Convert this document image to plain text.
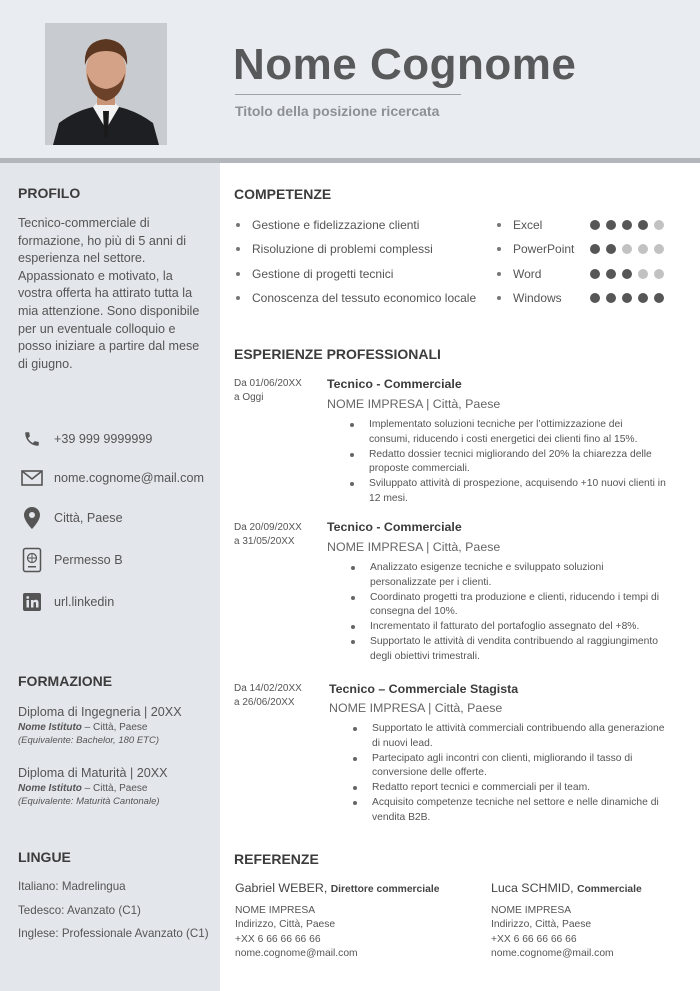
Nome Cognome
Titolo della posizione ricercata
PROFILO
Tecnico-commerciale di formazione, ho più di 5 anni di esperienza nel settore. Appassionato e motivato, la vostra offerta ha attirato tutta la mia attenzione. Sono disponibile per un eventuale colloquio e posso iniziare a partire dal mese di giugno.
+39 999 9999999
nome.cognome@mail.com
Città, Paese
Permesso B
url.linkedin
FORMAZIONE
Diploma di Ingegneria | 20XX
Nome Istituto – Città, Paese
(Equivalente: Bachelor, 180 ETC)
Diploma di Maturità | 20XX
Nome Istituto – Città, Paese
(Equivalente: Maturità Cantonale)
LINGUE
Italiano: Madrelingua
Tedesco: Avanzato (C1)
Inglese: Professionale Avanzato (C1)
COMPETENZE
Gestione e fidelizzazione clienti
Risoluzione di problemi complessi
Gestione di progetti tecnici
Conoscenza del tessuto economico locale
Excel
PowerPoint
Word
Windows
ESPERIENZE PROFESSIONALI
Da 01/06/20XX
a Oggi
Tecnico - Commerciale
NOME IMPRESA | Città, Paese
Implementato soluzioni tecniche per l’ottimizzazione dei consumi, riducendo i costi energetici dei clienti fino al 15%.
Redatto dossier tecnici migliorando del 20% la chiarezza delle proposte commerciali.
Sviluppato attività di prospezione, acquisendo +10 nuovi clienti in 12 mesi.
Da 20/09/20XX
a 31/05/20XX
Tecnico - Commerciale
NOME IMPRESA | Città, Paese
Analizzato esigenze tecniche e sviluppato soluzioni personalizzate per i clienti.
Coordinato progetti tra produzione e clienti, riducendo i tempi di consegna del 10%.
Incrementato il fatturato del portafoglio assegnato del +8%.
Supportato le attività di vendita contribuendo al raggiungimento degli obiettivi trimestrali.
Da 14/02/20XX
a 26/06/20XX
Tecnico – Commerciale Stagista
NOME IMPRESA | Città, Paese
Supportato le attività commerciali contribuendo alla generazione di nuovi lead.
Partecipato agli incontri con clienti, migliorando il tasso di conversione delle offerte.
Redatto report tecnici e commerciali per il team.
Acquisito competenze tecniche nel settore e nelle dinamiche di vendita B2B.
REFERENZE
Gabriel WEBER, Direttore commerciale
NOME IMPRESA
Indirizzo, Città, Paese
+XX 6 66 66 66 66
nome.cognome@mail.com
Luca SCHMID, Commerciale
NOME IMPRESA
Indirizzo, Città, Paese
+XX 6 66 66 66 66
nome.cognome@mail.com
